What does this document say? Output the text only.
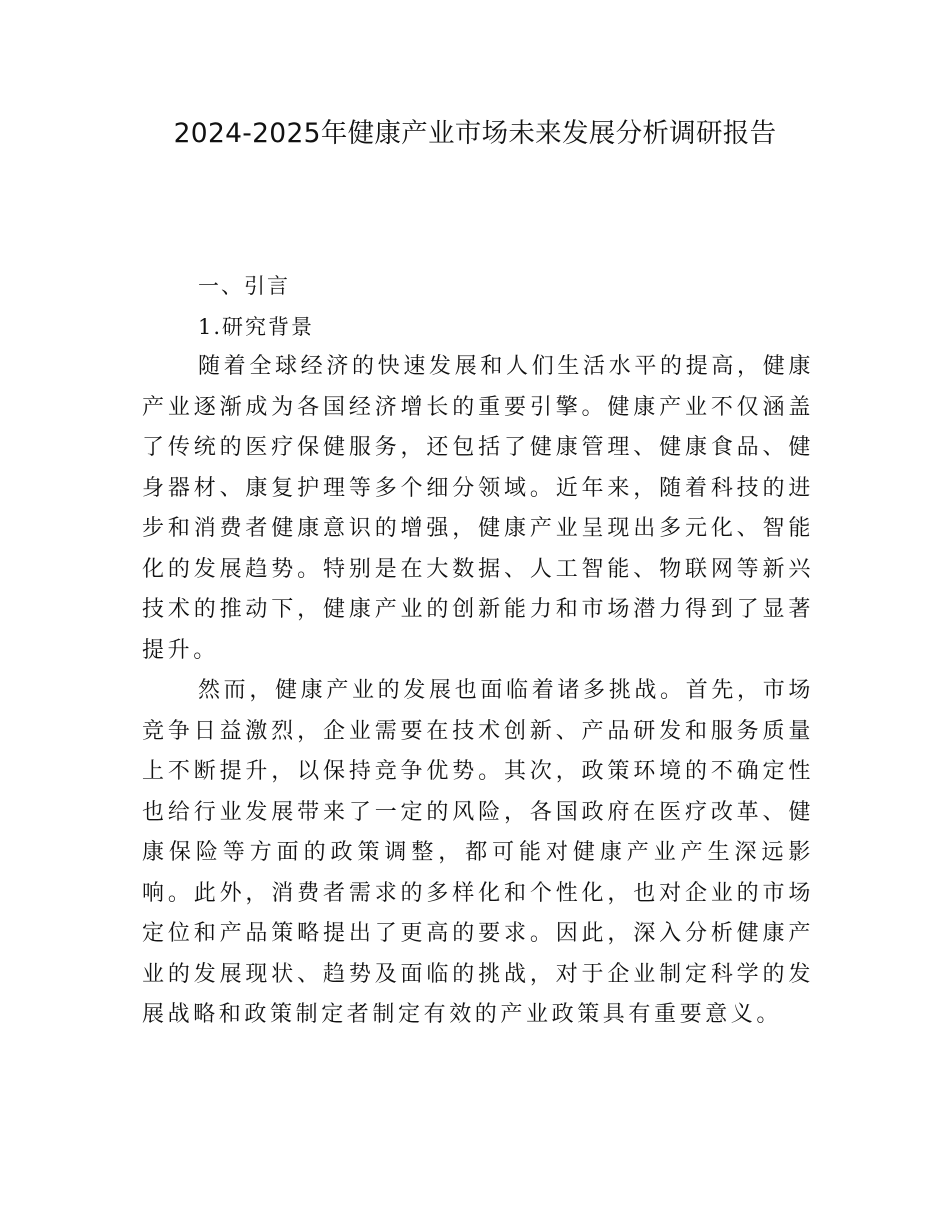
2024-2025年健康产业市场未来发展分析调研报告
一、引言
1.研究背景

随着全球经济的快速发展和人们生活水平的提高，健康产业逐渐成为各国经济增长的重要引擎。健康产业不仅涵盖了传统的医疗保健服务，还包括了健康管理、健康食品、健身器材、康复护理等多个细分领域。近年来，随着科技的进步和消费者健康意识的增强，健康产业呈现出多元化、智能化的发展趋势。特别是在大数据、人工智能、物联网等新兴技术的推动下，健康产业的创新能力和市场潜力得到了显著提升。

然而，健康产业的发展也面临着诸多挑战。首先，市场竞争日益激烈，企业需要在技术创新、产品研发和服务质量上不断提升，以保持竞争优势。其次，政策环境的不确定性也给行业发展带来了一定的风险，各国政府在医疗改革、健康保险等方面的政策调整，都可能对健康产业产生深远影响。此外，消费者需求的多样化和个性化，也对企业的市场定位和产品策略提出了更高的要求。因此，深入分析健康产业的发展现状、趋势及面临的挑战，对于企业制定科学的发展战略和政策制定者制定有效的产业政策具有重要意义。
